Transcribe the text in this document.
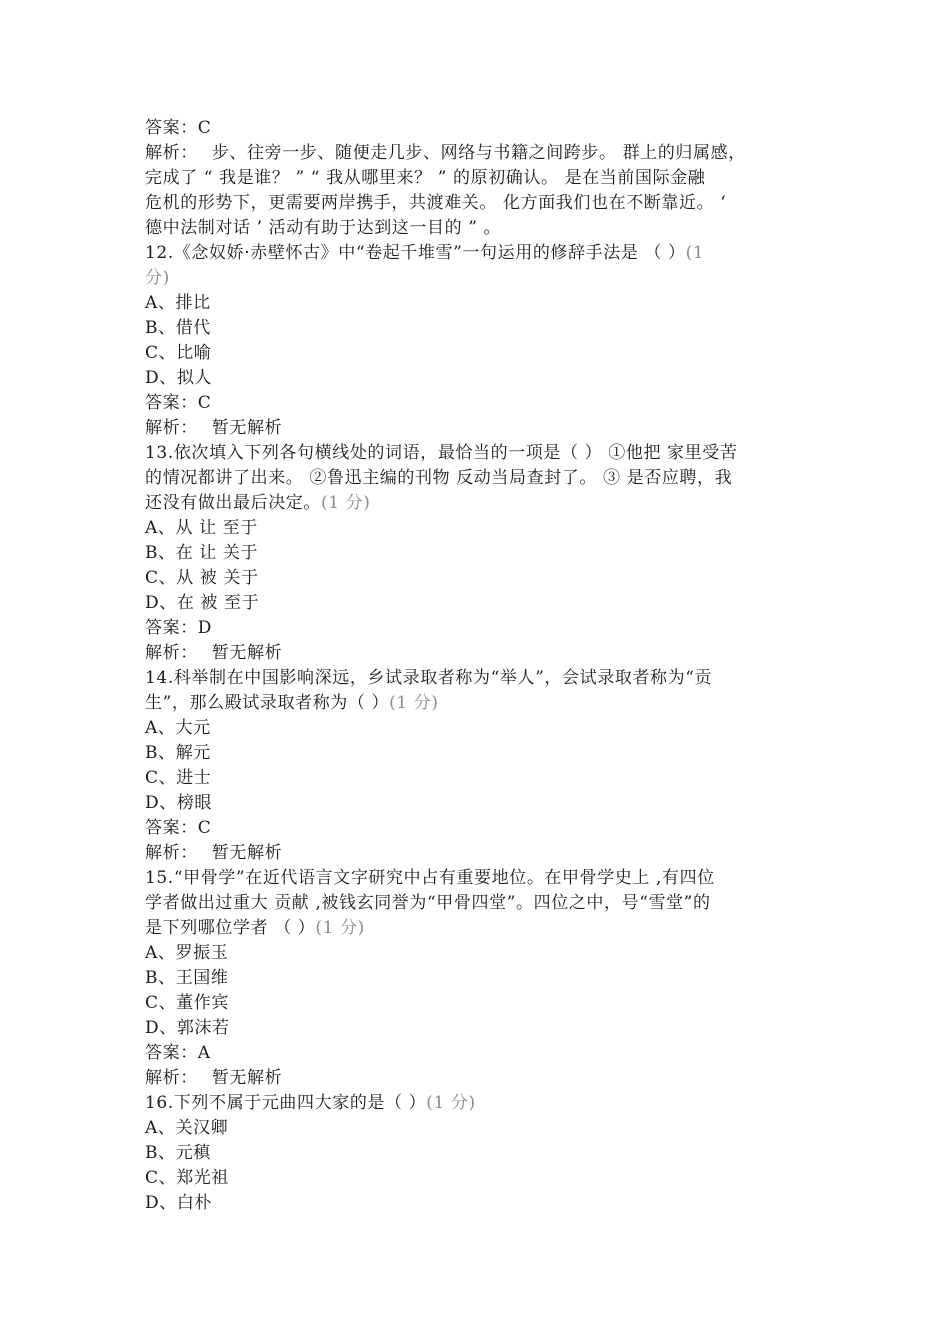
答案：C
解析： 步、往旁一步、随便走几步、网络与书籍之间跨步。 群上的归属感，
完成了 “ 我是谁？ ” “ 我从哪里来？ ” 的原初确认。 是在当前国际金融
危机的形势下，更需要两岸携手，共渡难关。 化方面我们也在不断靠近。 ‘
德中法制对话 ’ 活动有助于达到这一目的 ” 。
12.《念奴娇·赤壁怀古》中“卷起千堆雪”一句运用的修辞手法是 （ ）(1
分)
A、排比
B、借代
C、比喻
D、拟人
答案：C
解析： 暂无解析
13.依次填入下列各句横线处的词语，最恰当的一项是（ ） ①他把 家里受苦
的情况都讲了出来。 ②鲁迅主编的刊物 反动当局查封了。 ③ 是否应聘，我
还没有做出最后决定。(1 分)
A、从 让 至于
B、在 让 关于
C、从 被 关于
D、在 被 至于
答案：D
解析： 暂无解析
14.科举制在中国影响深远，乡试录取者称为“举人”，会试录取者称为“贡
生”，那么殿试录取者称为（ ）(1 分)
A、大元
B、解元
C、进士
D、榜眼
答案：C
解析： 暂无解析
15.“甲骨学”在近代语言文字研究中占有重要地位。在甲骨学史上 ,有四位
学者做出过重大 贡献 ,被钱玄同誉为“甲骨四堂”。四位之中，号“雪堂”的
是下列哪位学者 （ ）(1 分)
A、罗振玉
B、王国维
C、董作宾
D、郭沫若
答案：A
解析： 暂无解析
16.下列不属于元曲四大家的是（ ）(1 分)
A、关汉卿
B、元稹
C、郑光祖
D、白朴
